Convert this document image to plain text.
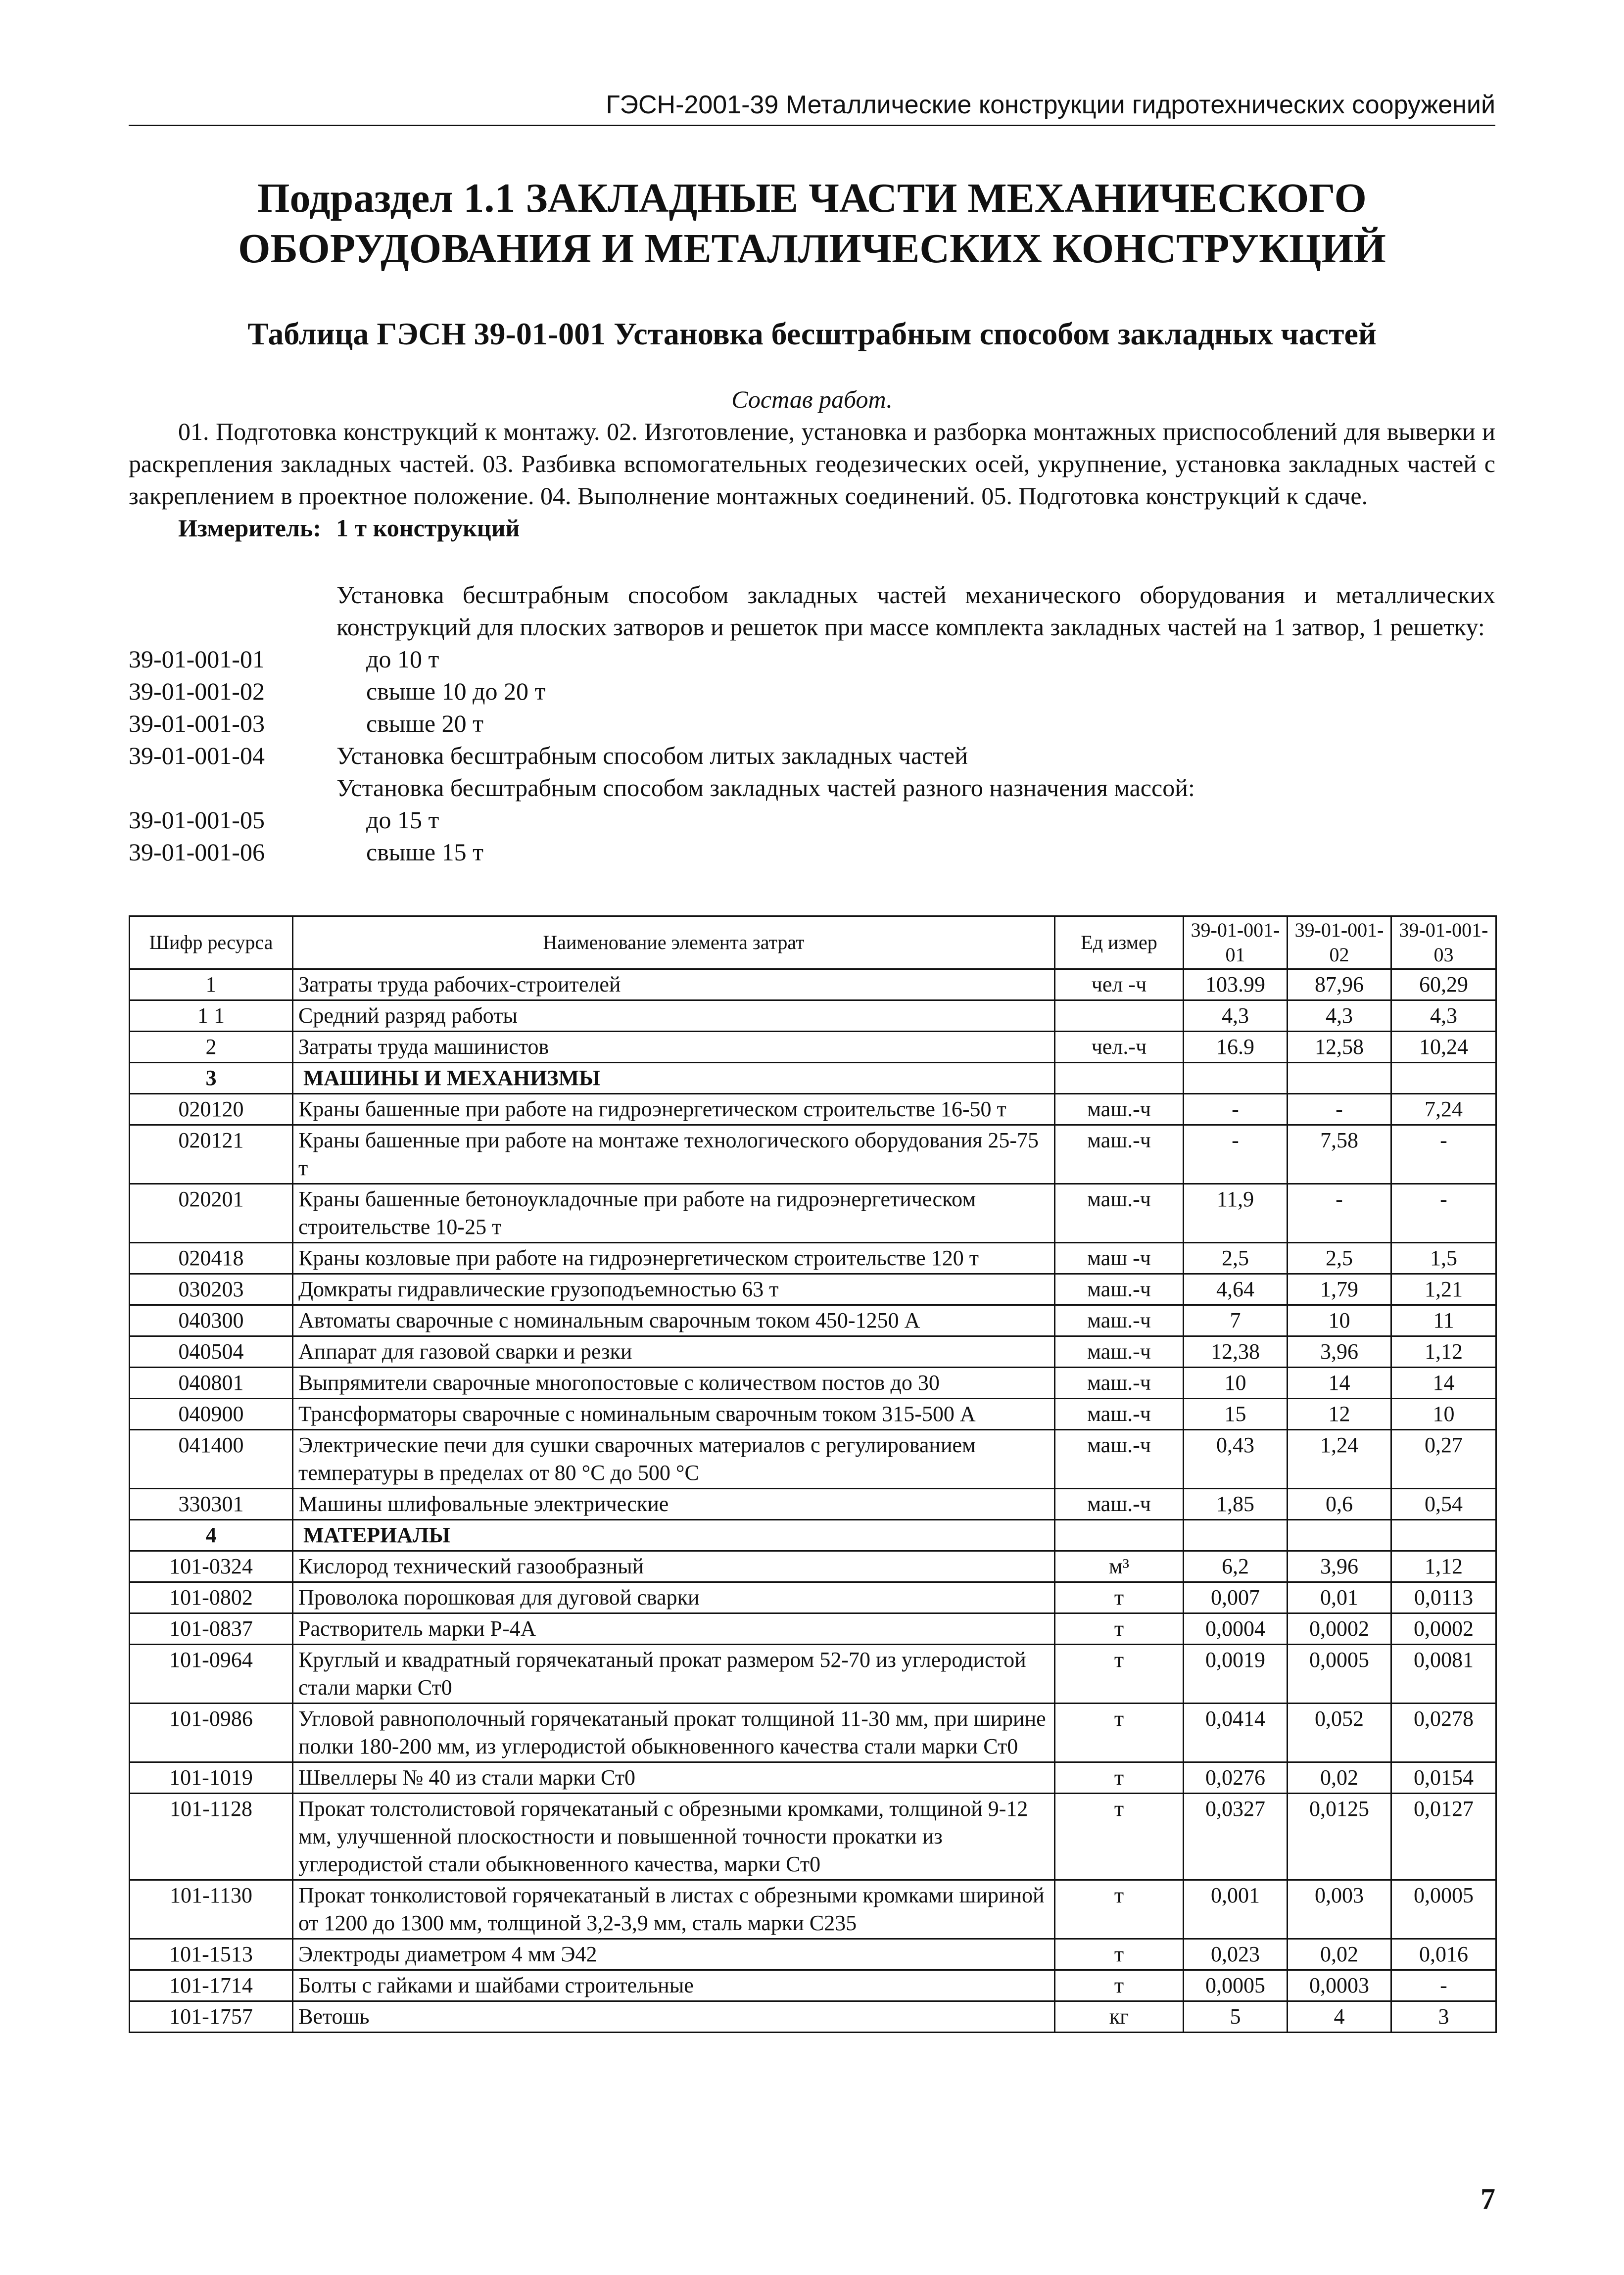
ГЭСН-2001-39 Металлические конструкции гидротехнических сооружений
Подраздел 1.1 ЗАКЛАДНЫЕ ЧАСТИ МЕХАНИЧЕСКОГО
ОБОРУДОВАНИЯ И МЕТАЛЛИЧЕСКИХ КОНСТРУКЦИЙ
Таблица ГЭСН 39-01-001 Установка бесштрабным способом закладных частей
Состав работ.
01. Подготовка конструкций к монтажу. 02. Изготовление, установка и разборка монтажных приспособлений для выверки и раскрепления закладных частей. 03. Разбивка вспомогательных геодезических осей, укрупнение, установка закладных частей с закреплением в проектное положение. 04. Выполнение монтажных соединений. 05. Подготовка конструкций к сдаче.
Измеритель: 1 т конструкций
Установка бесштрабным способом закладных частей механического оборудования и металлических конструкций для плоских затворов и решеток при массе комплекта закладных частей на 1 затвор, 1 решетку:
39-01-001-01	до 10 т
39-01-001-02	свыше 10 до 20 т
39-01-001-03	свыше 20 т
39-01-001-04	Установка бесштрабным способом литых закладных частей
Установка бесштрабным способом закладных частей разного назначения массой:
39-01-001-05	до 15 т
39-01-001-06	свыше 15 т
Шифр ресурса	Наименование элемента затрат	Ед измер	39-01-001-01	39-01-001-02	39-01-001-03
1	Затраты труда рабочих-строителей	чел -ч	103.99	87,96	60,29
1 1	Средний разряд работы		4,3	4,3	4,3
2	Затраты труда машинистов	чел.-ч	16.9	12,58	10,24
3	МАШИНЫ И МЕХАНИЗМЫ				
020120	Краны башенные при работе на гидроэнергетическом строительстве 16-50 т	маш.-ч	-	-	7,24
020121	Краны башенные при работе на монтаже технологического оборудования 25-75 т	маш.-ч	-	7,58	-
020201	Краны башенные бетоноукладочные при работе на гидроэнергетическом строительстве 10-25 т	маш.-ч	11,9	-	-
020418	Краны козловые при работе на гидроэнергетическом строительстве 120 т	маш -ч	2,5	2,5	1,5
030203	Домкраты гидравлические грузоподъемностью 63 т	маш.-ч	4,64	1,79	1,21
040300	Автоматы сварочные с номинальным сварочным током 450-1250 А	маш.-ч	7	10	11
040504	Аппарат для газовой сварки и резки	маш.-ч	12,38	3,96	1,12
040801	Выпрямители сварочные многопостовые с количеством постов до 30	маш.-ч	10	14	14
040900	Трансформаторы сварочные с номинальным сварочным током 315-500 А	маш.-ч	15	12	10
041400	Электрические печи для сушки сварочных материалов с регулированием температуры в пределах от 80 °С до 500 °С	маш.-ч	0,43	1,24	0,27
330301	Машины шлифовальные электрические	маш.-ч	1,85	0,6	0,54
4	МАТЕРИАЛЫ				
101-0324	Кислород технический газообразный	м³	6,2	3,96	1,12
101-0802	Проволока порошковая для дуговой сварки	т	0,007	0,01	0,0113
101-0837	Растворитель марки Р-4А	т	0,0004	0,0002	0,0002
101-0964	Круглый и квадратный горячекатаный прокат размером 52-70 из углеродистой стали марки Ст0	т	0,0019	0,0005	0,0081
101-0986	Угловой равнополочный горячекатаный прокат толщиной 11-30 мм, при ширине полки 180-200 мм, из углеродистой обыкновенного качества стали марки Ст0	т	0,0414	0,052	0,0278
101-1019	Швеллеры № 40 из стали марки Ст0	т	0,0276	0,02	0,0154
101-1128	Прокат толстолистовой горячекатаный с обрезными кромками, толщиной 9-12 мм, улучшенной плоскостности и повышенной точности прокатки из углеродистой стали обыкновенного качества, марки Ст0	т	0,0327	0,0125	0,0127
101-1130	Прокат тонколистовой горячекатаный в листах с обрезными кромками шириной от 1200 до 1300 мм, толщиной 3,2-3,9 мм, сталь марки С235	т	0,001	0,003	0,0005
101-1513	Электроды диаметром 4 мм Э42	т	0,023	0,02	0,016
101-1714	Болты с гайками и шайбами строительные	т	0,0005	0,0003	-
101-1757	Ветошь	кг	5	4	3
7
